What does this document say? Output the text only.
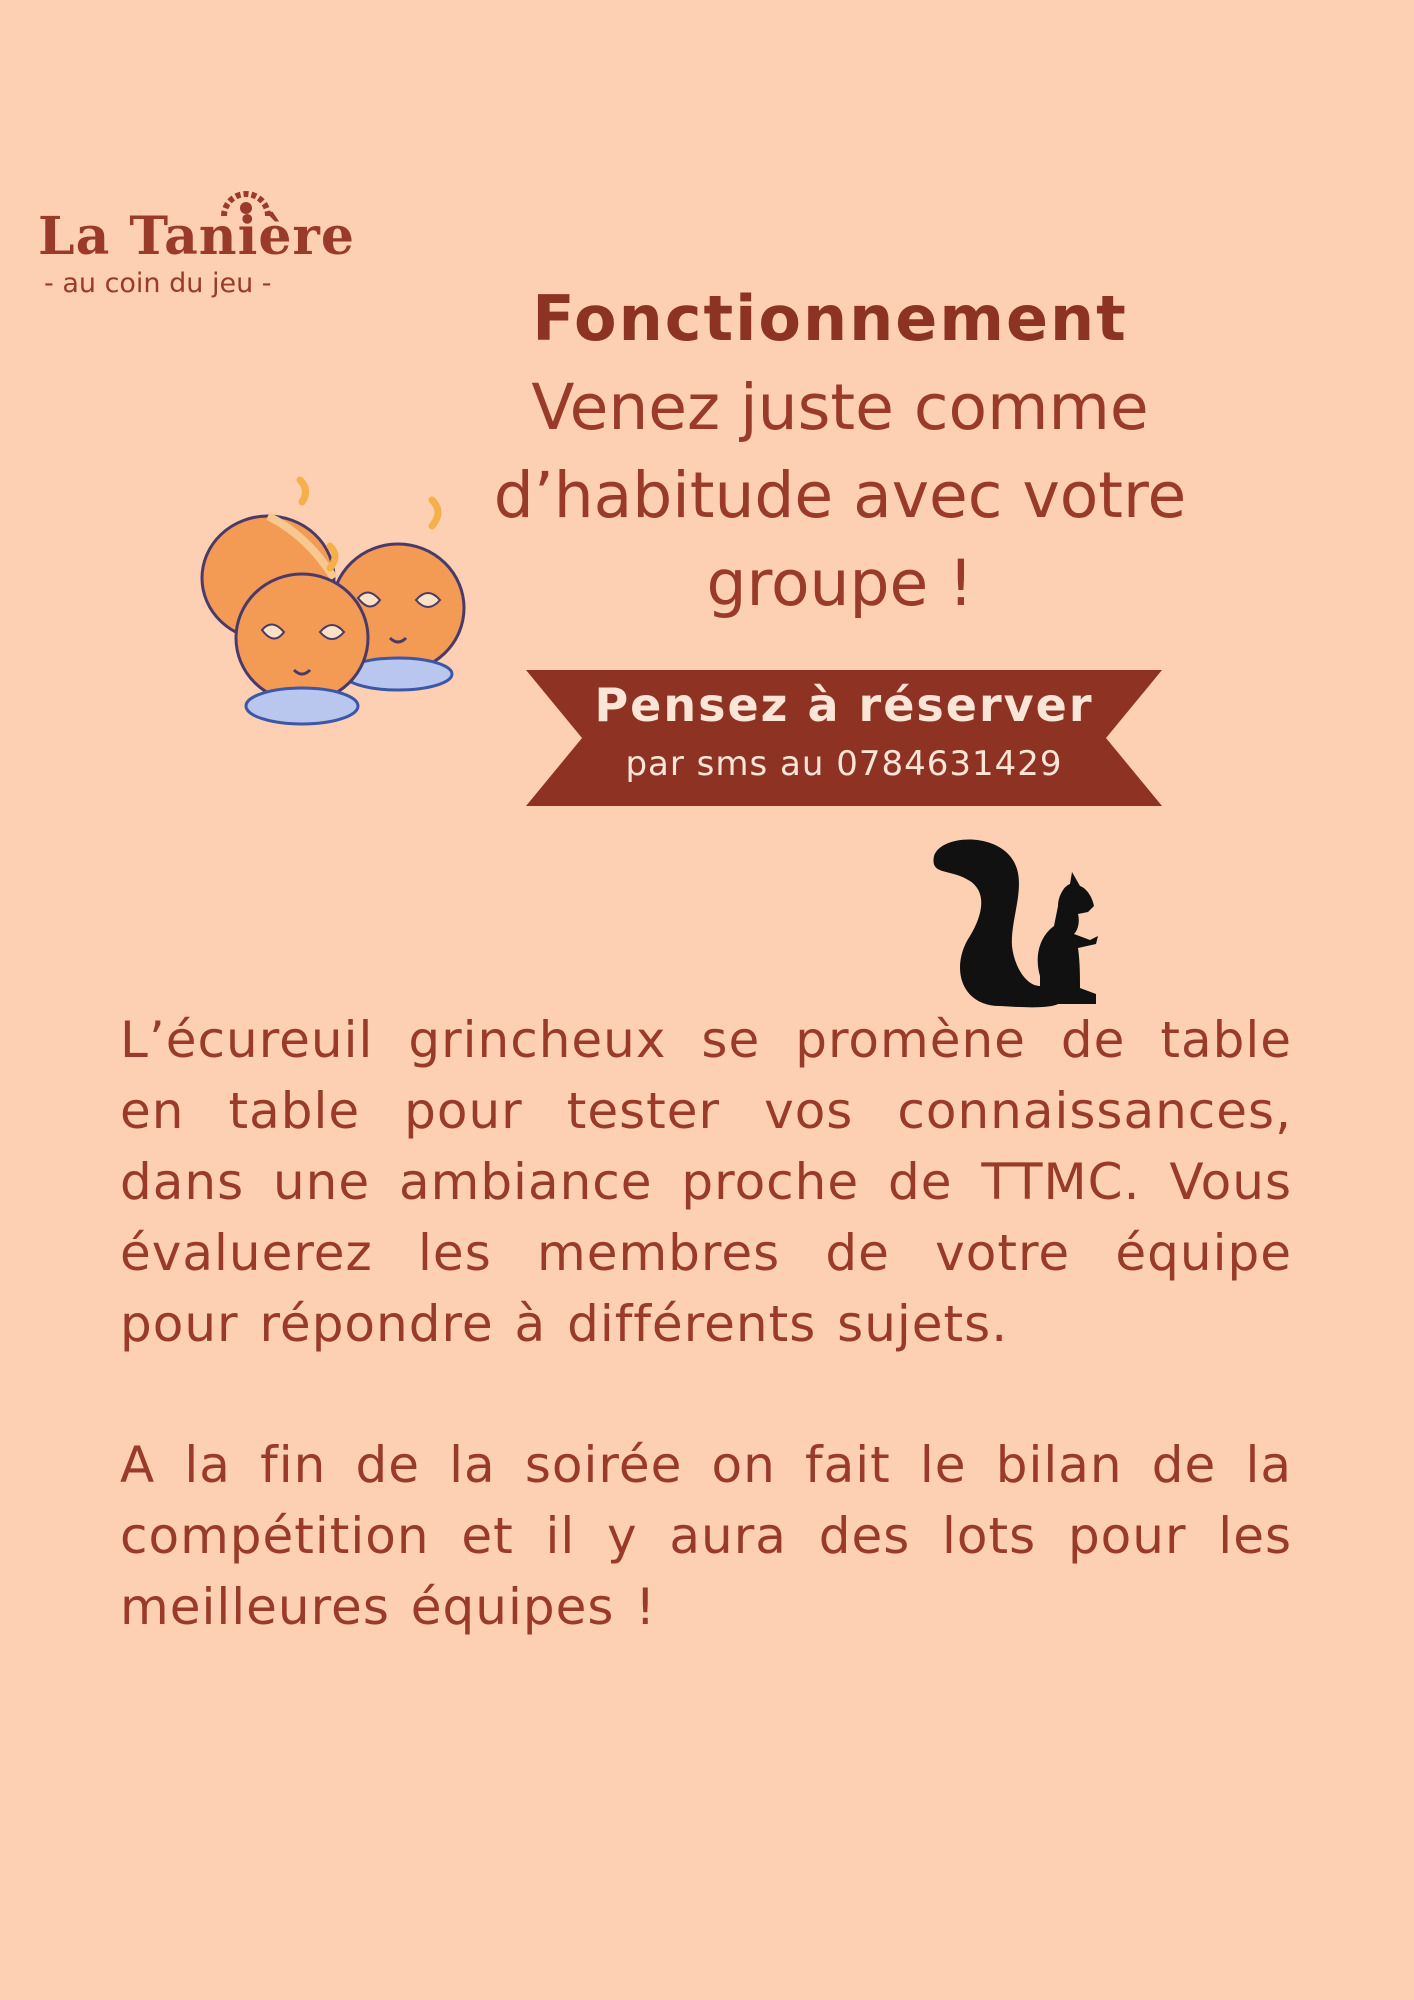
La Tanière
- au coin du jeu -	Fonctionnement
Venez juste comme d’habitude avec votre groupe !
Pensez à réserver
par sms au 0784631429
L’écureuil grincheux se promène de table en table pour tester vos connaissances, dans une ambiance proche de TTMC. Vous évaluerez les membres de votre équipe pour répondre à différents sujets.
A la fin de la soirée on fait le bilan de la compétition et il y aura des lots pour les meilleures équipes !
